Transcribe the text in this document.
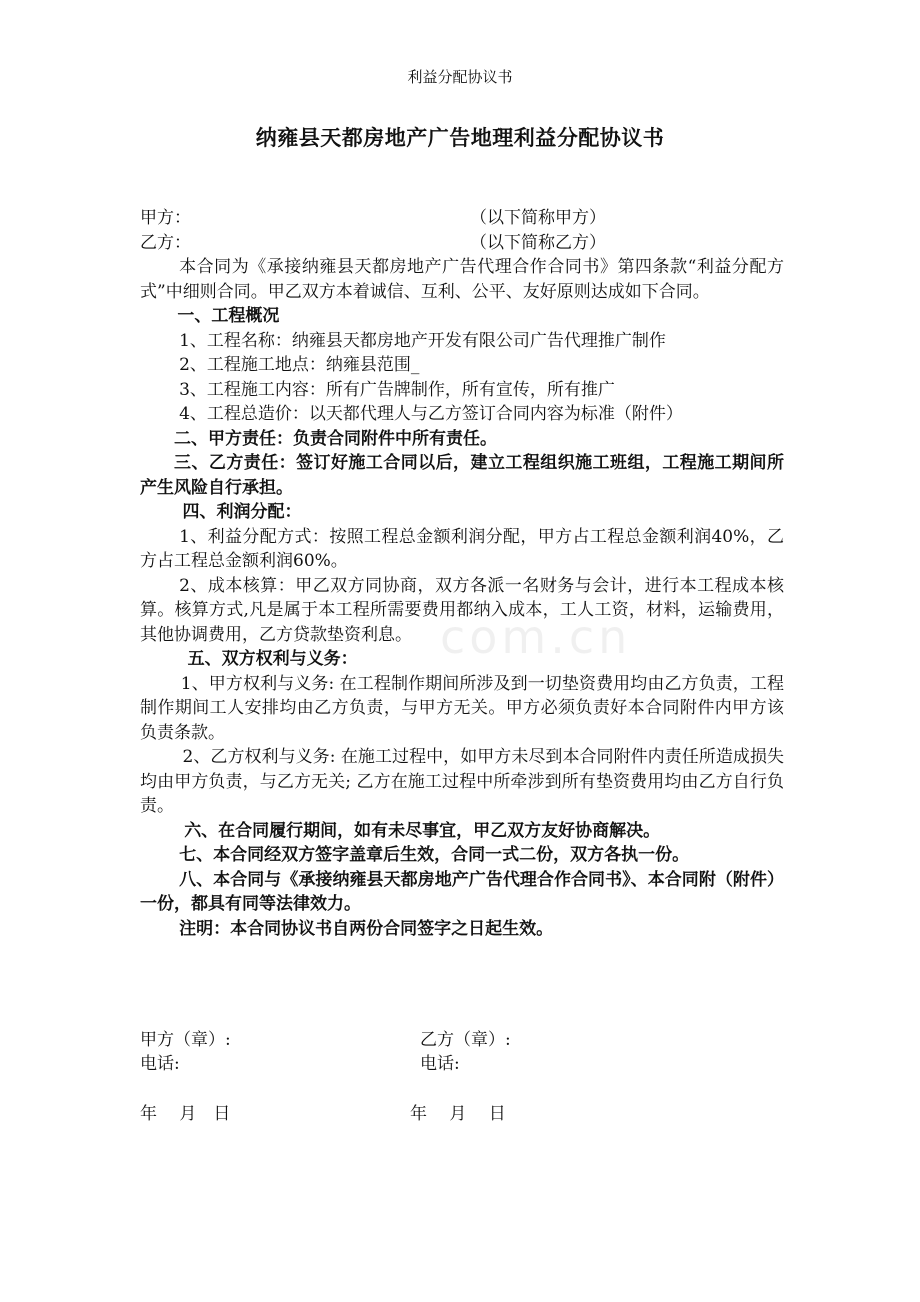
com.cn
利益分配协议书
纳雍县天都房地产广告地理利益分配协议书
甲方：	（以下简称甲方）
乙方：	（以下简称乙方）

本合同为《承接纳雍县天都房地产广告代理合作合同书》第四条款“利益分配方式”中细则合同。甲乙双方本着诚信、互利、公平、友好原则达成如下合同。

一、工程概况

1、工程名称：纳雍县天都房地产开发有限公司广告代理推广制作

2、工程施工地点：纳雍县范围_

3、工程施工内容：所有广告牌制作，所有宣传，所有推广

4、工程总造价：以天都代理人与乙方签订合同内容为标准（附件）

二、甲方责任：负责合同附件中所有责任。

三、乙方责任：签订好施工合同以后，建立工程组织施工班组，工程施工期间所产生风险自行承担。

四、利润分配：

1、利益分配方式：按照工程总金额利润分配，甲方占工程总金额利润40%，乙方占工程总金额利润60%。

2、成本核算：甲乙双方同协商，双方各派一名财务与会计，进行本工程成本核算。核算方式,凡是属于本工程所需要费用都纳入成本，工人工资，材料，运输费用，其他协调费用，乙方贷款垫资利息。

五、双方权利与义务：

1、甲方权利与义务: 在工程制作期间所涉及到一切垫资费用均由乙方负责，工程制作期间工人安排均由乙方负责，与甲方无关。甲方必须负责好本合同附件内甲方该负责条款。

2、乙方权利与义务: 在施工过程中，如甲方未尽到本合同附件内责任所造成损失均由甲方负责，与乙方无关; 乙方在施工过程中所牵涉到所有垫资费用均由乙方自行负责。

六、在合同履行期间，如有未尽事宜，甲乙双方友好协商解决。

七、本合同经双方签字盖章后生效，合同一式二份，双方各执一份。

八、本合同与《承接纳雍县天都房地产广告代理合作合同书》、本合同附（附件）一份，都具有同等法律效力。

注明：本合同协议书自两份合同签字之日起生效。

甲方（章）:	乙方（章）:
电话:	电话:
年　 月　日	年　 月　 日
